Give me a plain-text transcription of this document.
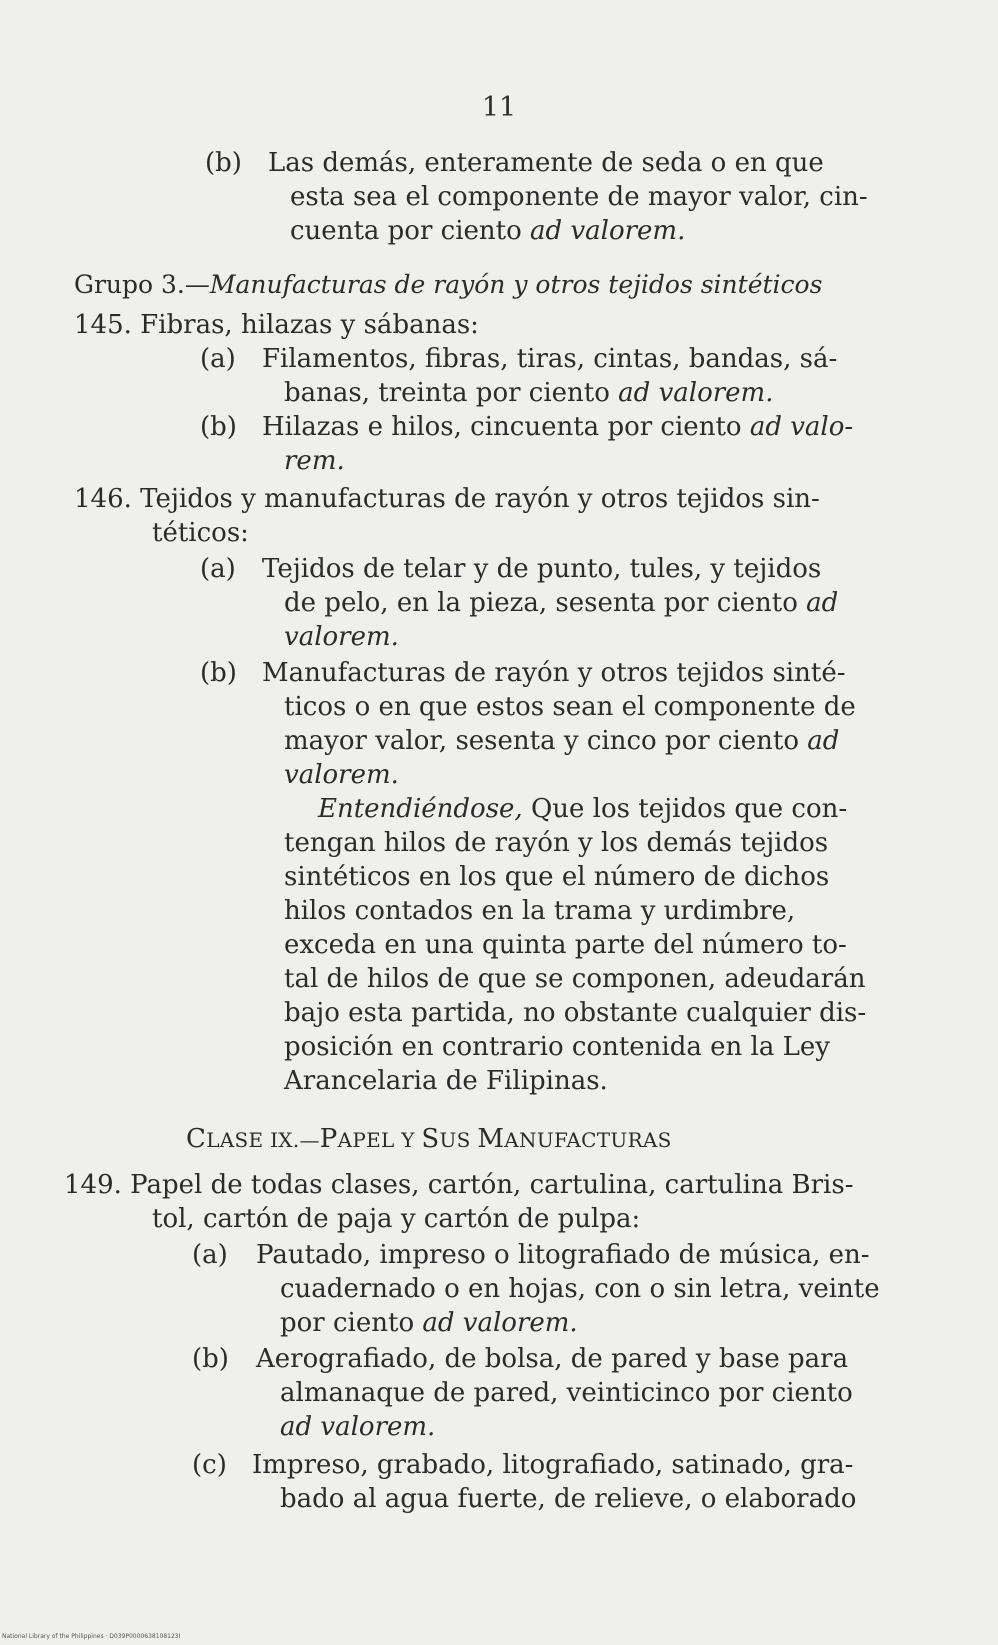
11
(b) Las demás, enteramente de seda o en que
esta sea el componente de mayor valor, cin-
cuenta por ciento ad valorem.
Grupo 3.—Manufacturas de rayón y otros tejidos sintéticos
145. Fibras, hilazas y sábanas:
(a) Filamentos, fibras, tiras, cintas, bandas, sá-
banas, treinta por ciento ad valorem.
(b) Hilazas e hilos, cincuenta por ciento ad valo-
rem.
146. Tejidos y manufacturas de rayón y otros tejidos sin-
téticos:
(a) Tejidos de telar y de punto, tules, y tejidos
de pelo, en la pieza, sesenta por ciento ad
valorem.
(b) Manufacturas de rayón y otros tejidos sinté-
ticos o en que estos sean el componente de
mayor valor, sesenta y cinco por ciento ad
valorem.
Entendiéndose, Que los tejidos que con-
tengan hilos de rayón y los demás tejidos
sintéticos en los que el número de dichos
hilos contados en la trama y urdimbre,
exceda en una quinta parte del número to-
tal de hilos de que se componen, adeudarán
bajo esta partida, no obstante cualquier dis-
posición en contrario contenida en la Ley
Arancelaria de Filipinas.
CLASE IX.—PAPEL Y SUS MANUFACTURAS
149. Papel de todas clases, cartón, cartulina, cartulina Bris-
tol, cartón de paja y cartón de pulpa:
(a) Pautado, impreso o litografiado de música, en-
cuadernado o en hojas, con o sin letra, veinte
por ciento ad valorem.
(b) Aerografiado, de bolsa, de pared y base para
almanaque de pared, veinticinco por ciento
ad valorem.
(c) Impreso, grabado, litografiado, satinado, gra-
bado al agua fuerte, de relieve, o elaborado
National Library of the Philippines · D039P0000638108123I
